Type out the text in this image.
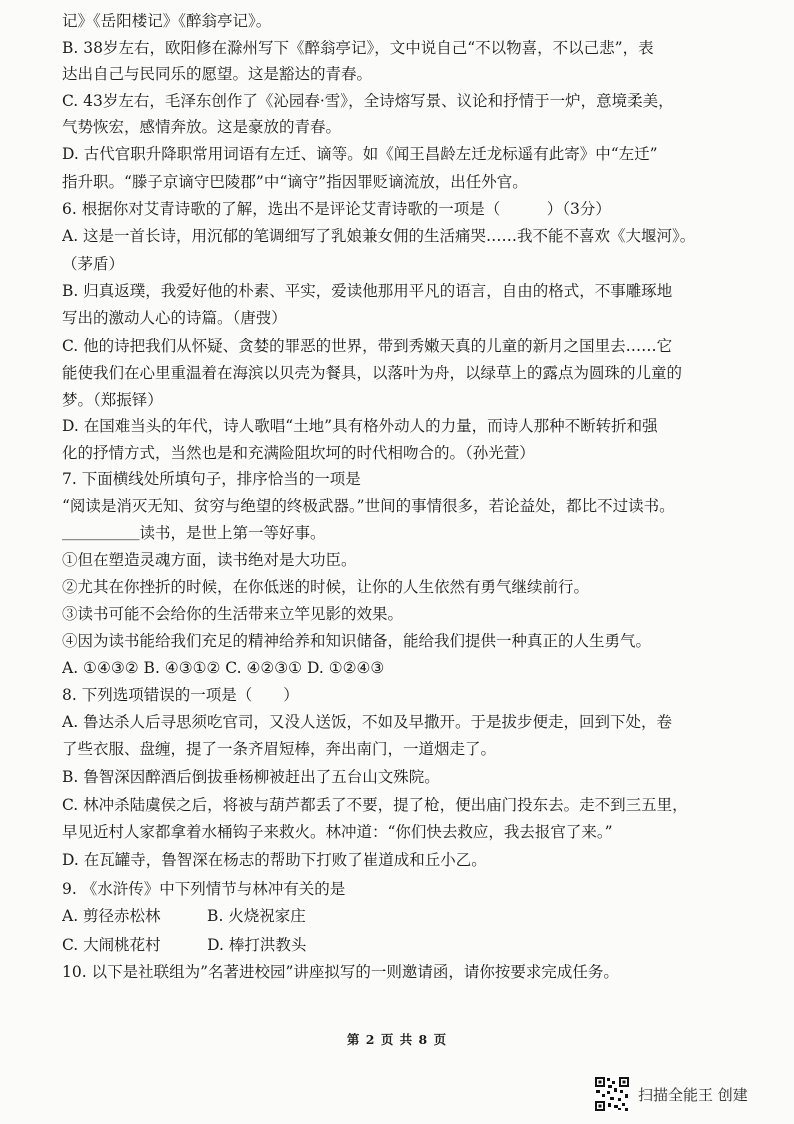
记》《岳阳楼记》《醉翁亭记》。
B. 38岁左右，欧阳修在滁州写下《醉翁亭记》，文中说自己“不以物喜，不以己悲”，表
达出自己与民同乐的愿望。这是豁达的青春。
C. 43岁左右，毛泽东创作了《沁园春·雪》，全诗熔写景、议论和抒情于一炉，意境柔美，
气势恢宏，感情奔放。这是豪放的青春。
D. 古代官职升降职常用词语有左迁、谪等。如《闻王昌龄左迁龙标遥有此寄》中“左迁”
指升职。“滕子京谪守巴陵郡”中“谪守”指因罪贬谪流放，出任外官。
6. 根据你对艾青诗歌的了解，选出不是评论艾青诗歌的一项是（　　　）（3分）
A. 这是一首长诗，用沉郁的笔调细写了乳娘兼女佣的生活痛哭……我不能不喜欢《大堰河》。
（茅盾）
B. 归真返璞，我爱好他的朴素、平实，爱读他那用平凡的语言，自由的格式，不事雕琢地
写出的激动人心的诗篇。（唐弢）
C. 他的诗把我们从怀疑、贪婪的罪恶的世界，带到秀嫩天真的儿童的新月之国里去……它
能使我们在心里重温着在海滨以贝壳为餐具，以落叶为舟，以绿草上的露点为圆珠的儿童的
梦。（郑振铎）
D. 在国难当头的年代，诗人歌唱“土地”具有格外动人的力量，而诗人那种不断转折和强
化的抒情方式，当然也是和充满险阻坎坷的时代相吻合的。（孙光萱）
7. 下面横线处所填句子，排序恰当的一项是
“阅读是消灭无知、贫穷与绝望的终极武器。”世间的事情很多，若论益处，都比不过读书。
＿＿＿＿＿读书，是世上第一等好事。
①但在塑造灵魂方面，读书绝对是大功臣。
②尤其在你挫折的时候，在你低迷的时候，让你的人生依然有勇气继续前行。
③读书可能不会给你的生活带来立竿见影的效果。
④因为读书能给我们充足的精神给养和知识储备，能给我们提供一种真正的人生勇气。
A. ①④③② B. ④③①② C. ④②③① D. ①②④③
8. 下列选项错误的一项是（　　）
A. 鲁达杀人后寻思须吃官司，又没人送饭，不如及早撒开。于是拔步便走，回到下处，卷
了些衣服、盘缠，提了一条齐眉短棒，奔出南门，一道烟走了。
B. 鲁智深因醉酒后倒拔垂杨柳被赶出了五台山文殊院。
C. 林冲杀陆虞侯之后，将被与葫芦都丢了不要，提了枪，便出庙门投东去。走不到三五里，
早见近村人家都拿着水桶钩子来救火。林冲道：“你们快去救应，我去报官了来。”
D. 在瓦罐寺，鲁智深在杨志的帮助下打败了崔道成和丘小乙。
9. 《水浒传》中下列情节与林冲有关的是
A. 剪径赤松林　　　B. 火烧祝家庄
C. 大闹桃花村　　　D. 棒打洪教头
10. 以下是社联组为”名著进校园”讲座拟写的一则邀请函，请你按要求完成任务。
第 2 页 共 8 页
扫描全能王 创建
